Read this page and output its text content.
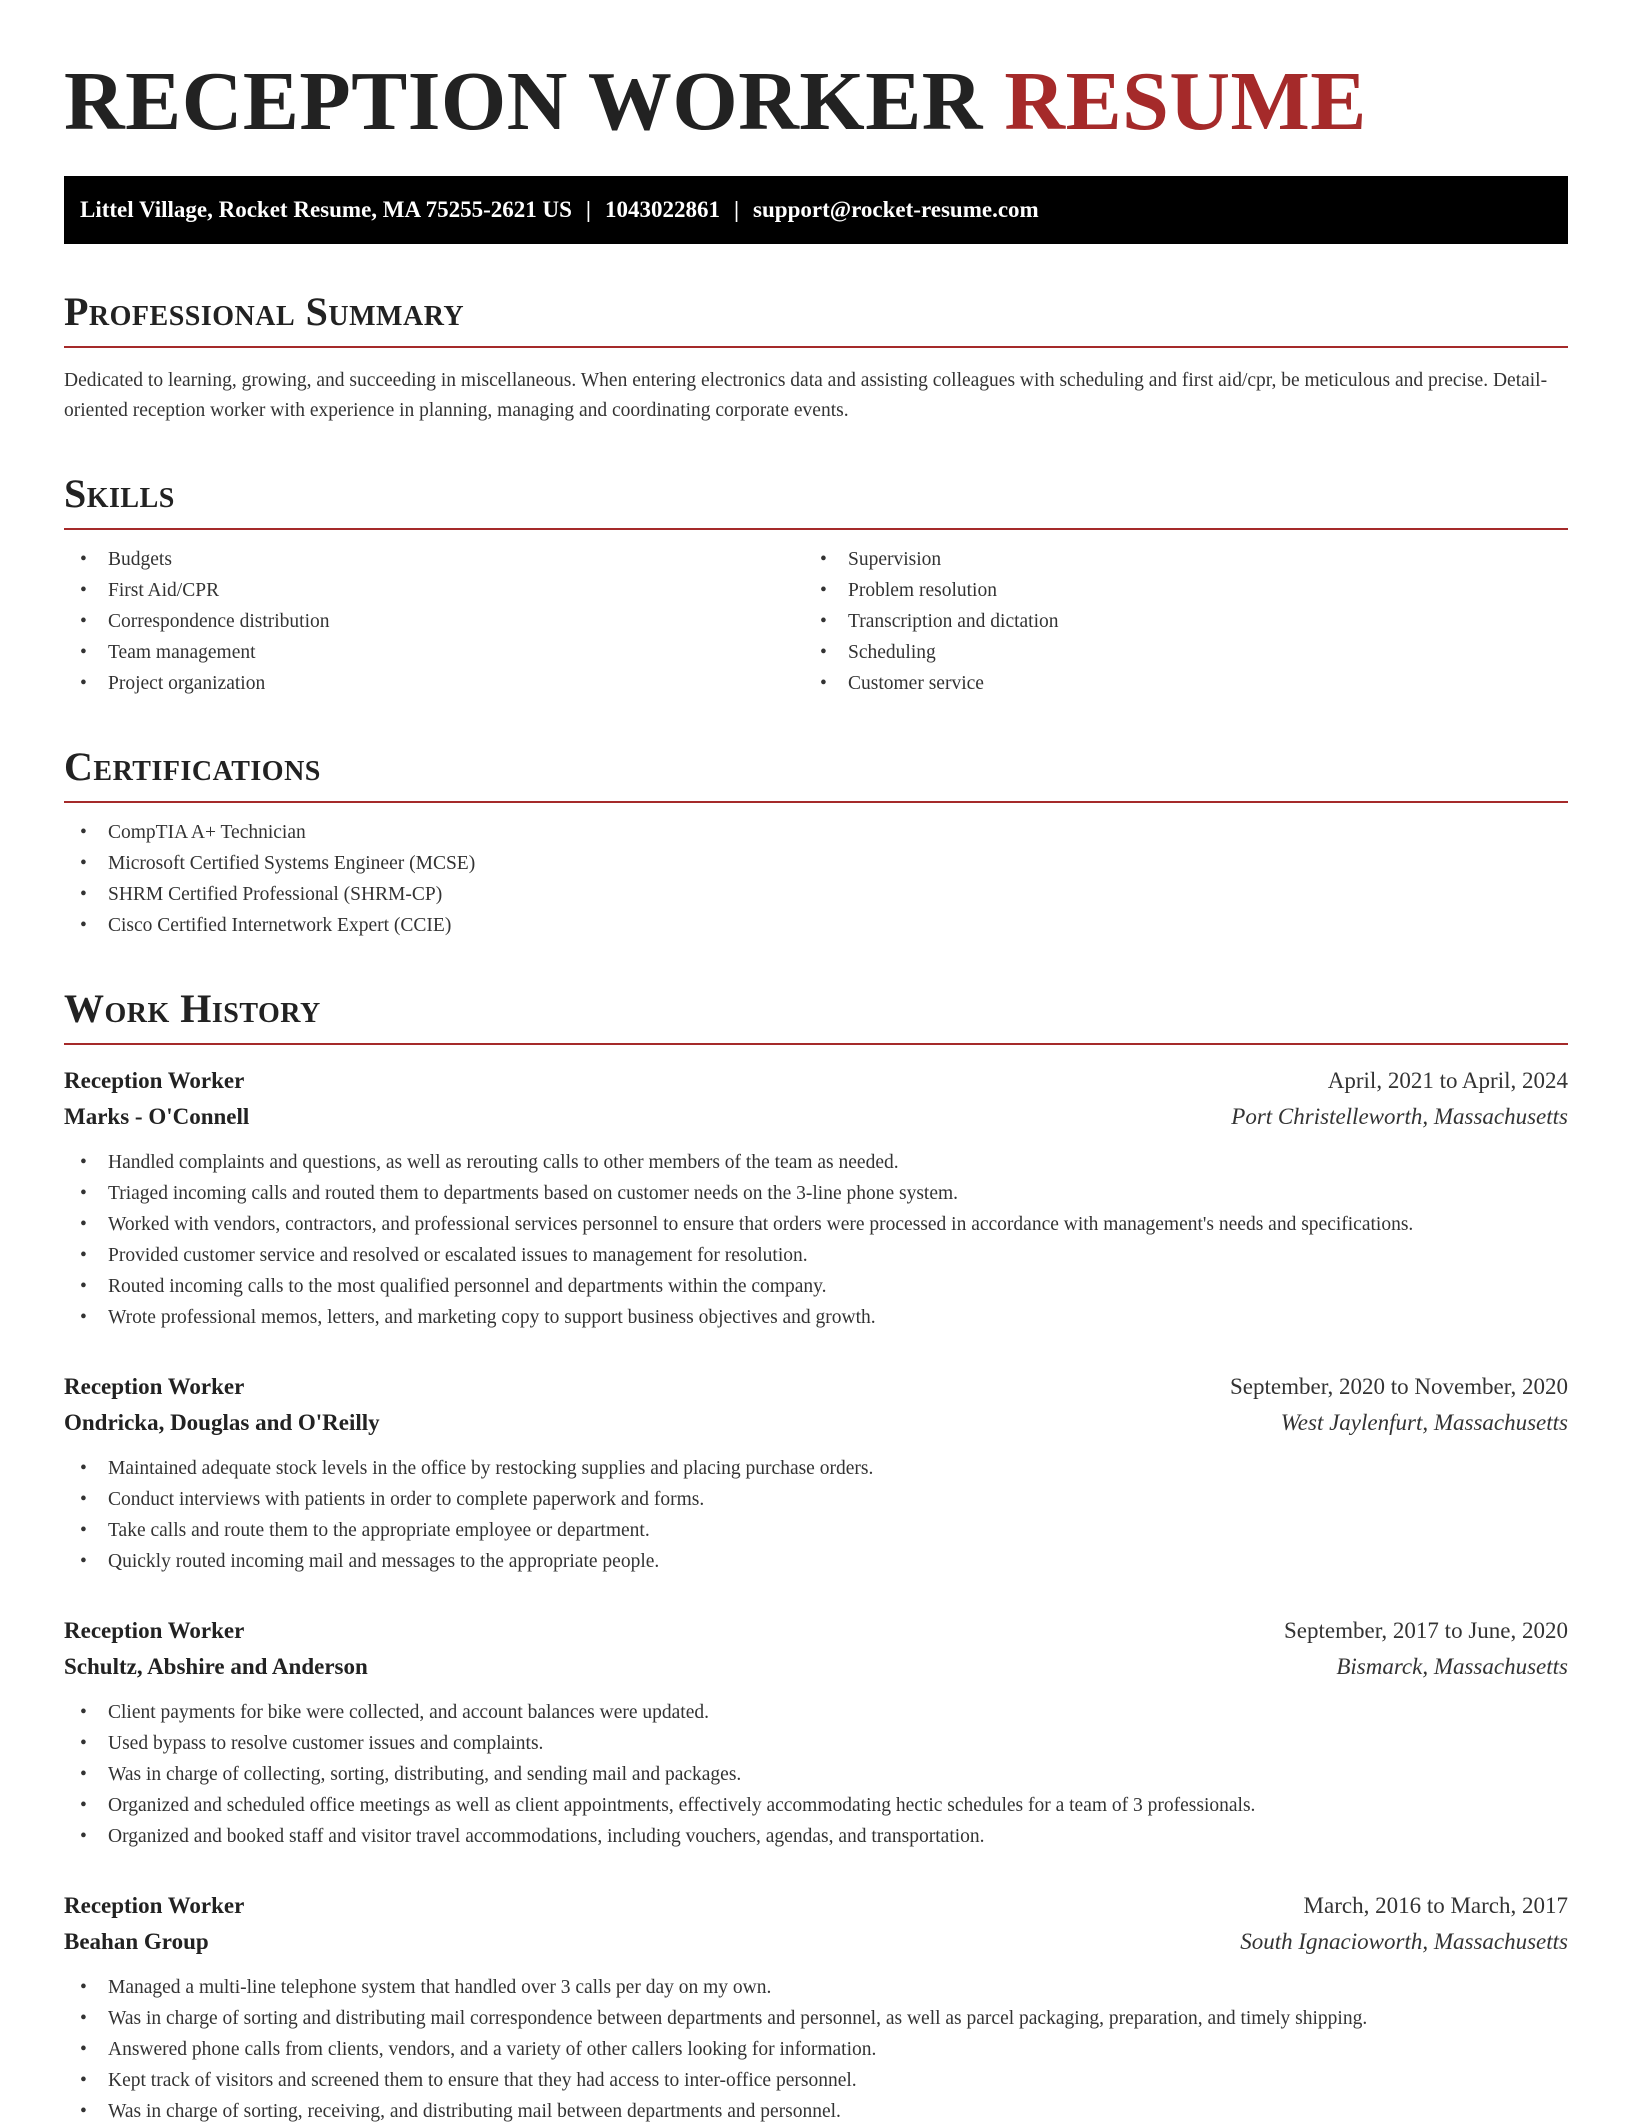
RECEPTION WORKER RESUME
Littel Village, Rocket Resume, MA 75255-2621 US | 1043022861 | support@rocket-resume.com
Professional Summary

Dedicated to learning, growing, and succeeding in miscellaneous. When entering electronics data and assisting colleagues with scheduling and first aid/cpr, be meticulous and precise. Detail-oriented reception worker with experience in planning, managing and coordinating corporate events.

Skills
• Budgets
• First Aid/CPR
• Correspondence distribution
• Team management
• Project organization
• Supervision
• Problem resolution
• Transcription and dictation
• Scheduling
• Customer service
Certifications
• CompTIA A+ Technician
• Microsoft Certified Systems Engineer (MCSE)
• SHRM Certified Professional (SHRM-CP)
• Cisco Certified Internetwork Expert (CCIE)
Work History
Reception Worker	April, 2021 to April, 2024
Marks - O'Connell	Port Christelleworth, Massachusetts
• Handled complaints and questions, as well as rerouting calls to other members of the team as needed.
• Triaged incoming calls and routed them to departments based on customer needs on the 3-line phone system.
• Worked with vendors, contractors, and professional services personnel to ensure that orders were processed in accordance with management's needs and specifications.
• Provided customer service and resolved or escalated issues to management for resolution.
• Routed incoming calls to the most qualified personnel and departments within the company.
• Wrote professional memos, letters, and marketing copy to support business objectives and growth.
Reception Worker	September, 2020 to November, 2020
Ondricka, Douglas and O'Reilly	West Jaylenfurt, Massachusetts
• Maintained adequate stock levels in the office by restocking supplies and placing purchase orders.
• Conduct interviews with patients in order to complete paperwork and forms.
• Take calls and route them to the appropriate employee or department.
• Quickly routed incoming mail and messages to the appropriate people.
Reception Worker	September, 2017 to June, 2020
Schultz, Abshire and Anderson	Bismarck, Massachusetts
• Client payments for bike were collected, and account balances were updated.
• Used bypass to resolve customer issues and complaints.
• Was in charge of collecting, sorting, distributing, and sending mail and packages.
• Organized and scheduled office meetings as well as client appointments, effectively accommodating hectic schedules for a team of 3 professionals.
• Organized and booked staff and visitor travel accommodations, including vouchers, agendas, and transportation.
Reception Worker	March, 2016 to March, 2017
Beahan Group	South Ignacioworth, Massachusetts
• Managed a multi-line telephone system that handled over 3 calls per day on my own.
• Was in charge of sorting and distributing mail correspondence between departments and personnel, as well as parcel packaging, preparation, and timely shipping.
• Answered phone calls from clients, vendors, and a variety of other callers looking for information.
• Kept track of visitors and screened them to ensure that they had access to inter-office personnel.
• Was in charge of sorting, receiving, and distributing mail between departments and personnel.
